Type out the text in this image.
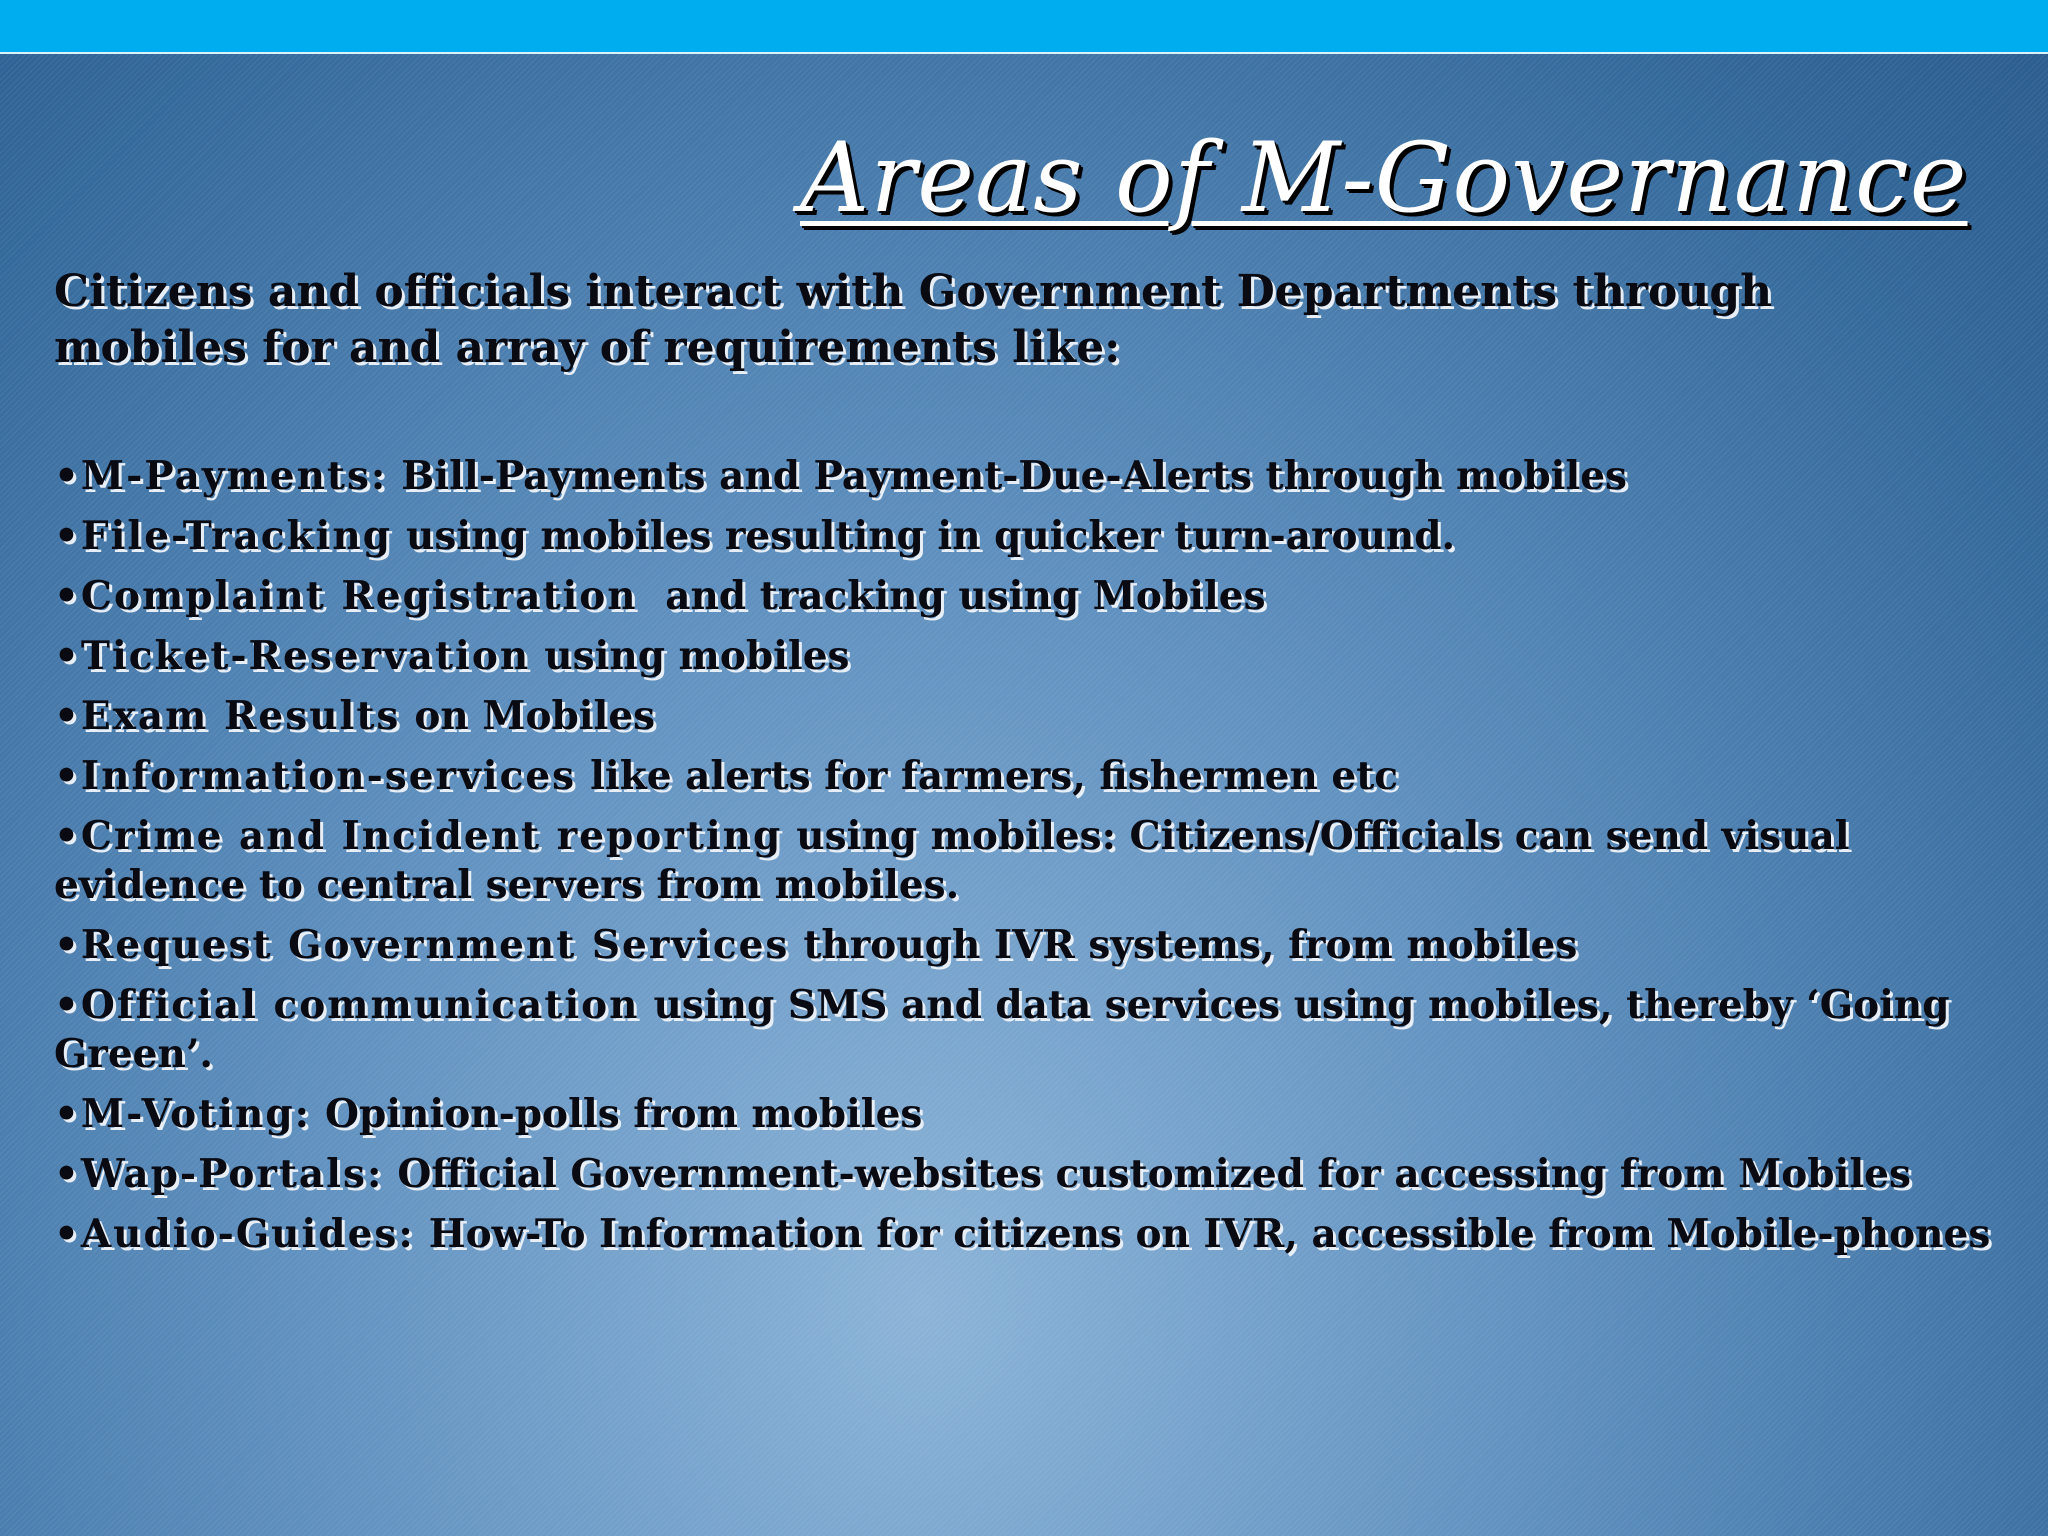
Areas of M-Governance

Citizens and officials interact with Government Departments through mobiles for and array of requirements like:

•M-Payments: Bill-Payments and Payment-Due-Alerts through mobiles
•File-Tracking using mobiles resulting in quicker turn-around.
•Complaint Registration and tracking using Mobiles
•Ticket-Reservation using mobiles
•Exam Results on Mobiles
•Information-services like alerts for farmers, fishermen etc
•Crime and Incident reporting using mobiles: Citizens/Officials can send visual evidence to central servers from mobiles.
•Request Government Services through IVR systems, from mobiles
•Official communication using SMS and data services using mobiles, thereby ‘Going Green’.
•M-Voting: Opinion-polls from mobiles
•Wap-Portals: Official Government-websites customized for accessing from Mobiles
•Audio-Guides: How-To Information for citizens on IVR, accessible from Mobile-phones
